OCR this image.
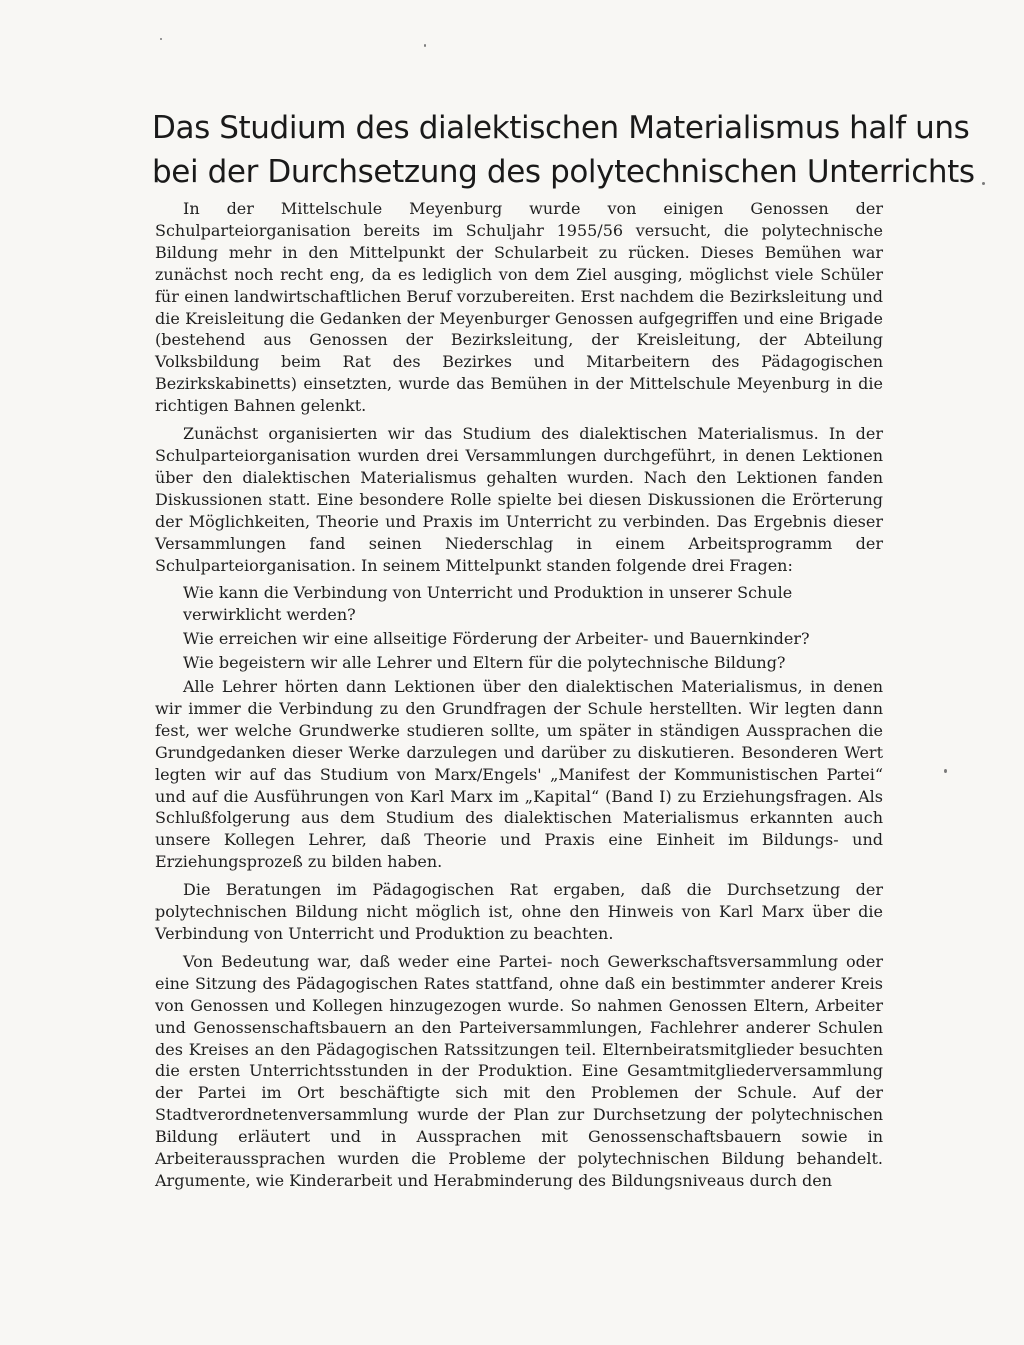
Das Studium des dialektischen Materialismus half uns
bei der Durchsetzung des polytechnischen Unterrichts

In der Mittelschule Meyenburg wurde von einigen Genossen der Schulparteiorganisation bereits im Schuljahr 1955/56 versucht, die polytechnische Bildung mehr in den Mittelpunkt der Schularbeit zu rücken. Dieses Bemühen war zunächst noch recht eng, da es lediglich von dem Ziel ausging, möglichst viele Schüler für einen landwirtschaftlichen Beruf vorzubereiten. Erst nachdem die Bezirksleitung und die Kreisleitung die Gedanken der Meyenburger Genossen aufgegriffen und eine Brigade (bestehend aus Genossen der Bezirksleitung, der Kreisleitung, der Abteilung Volksbildung beim Rat des Bezirkes und Mitarbeitern des Pädagogischen Bezirkskabinetts) einsetzten, wurde das Bemühen in der Mittelschule Meyenburg in die richtigen Bahnen gelenkt.

Zunächst organisierten wir das Studium des dialektischen Materialismus. In der Schulparteiorganisation wurden drei Versammlungen durchgeführt, in denen Lektionen über den dialektischen Materialismus gehalten wurden. Nach den Lektionen fanden Diskussionen statt. Eine besondere Rolle spielte bei diesen Diskussionen die Erörterung der Möglichkeiten, Theorie und Praxis im Unterricht zu verbinden. Das Ergebnis dieser Versammlungen fand seinen Niederschlag in einem Arbeitsprogramm der Schulparteiorganisation. In seinem Mittelpunkt standen folgende drei Fragen:

Wie kann die Verbindung von Unterricht und Produktion in unserer Schule verwirklicht werden?

Wie erreichen wir eine allseitige Förderung der Arbeiter- und Bauernkinder?

Wie begeistern wir alle Lehrer und Eltern für die polytechnische Bildung?

Alle Lehrer hörten dann Lektionen über den dialektischen Materialismus, in denen wir immer die Verbindung zu den Grundfragen der Schule herstellten. Wir legten dann fest, wer welche Grundwerke studieren sollte, um später in ständigen Aussprachen die Grundgedanken dieser Werke darzulegen und darüber zu diskutieren. Besonderen Wert legten wir auf das Studium von Marx/Engels' „Manifest der Kommunistischen Partei“ und auf die Ausführungen von Karl Marx im „Kapital“ (Band I) zu Erziehungsfragen. Als Schlußfolgerung aus dem Studium des dialektischen Materialismus erkannten auch unsere Kollegen Lehrer, daß Theorie und Praxis eine Einheit im Bildungs- und Erziehungsprozeß zu bilden haben.

Die Beratungen im Pädagogischen Rat ergaben, daß die Durchsetzung der polytechnischen Bildung nicht möglich ist, ohne den Hinweis von Karl Marx über die Verbindung von Unterricht und Produktion zu beachten.

Von Bedeutung war, daß weder eine Partei- noch Gewerkschaftsversammlung oder eine Sitzung des Pädagogischen Rates stattfand, ohne daß ein bestimmter anderer Kreis von Genossen und Kollegen hinzugezogen wurde. So nahmen Genossen Eltern, Arbeiter und Genossenschaftsbauern an den Parteiversammlungen, Fachlehrer anderer Schulen des Kreises an den Pädagogischen Ratssitzungen teil. Elternbeiratsmitglieder besuchten die ersten Unterrichtsstunden in der Produktion. Eine Gesamtmitgliederversammlung der Partei im Ort beschäftigte sich mit den Problemen der Schule. Auf der Stadtverordnetenversammlung wurde der Plan zur Durchsetzung der polytechnischen Bildung erläutert und in Aussprachen mit Genossenschaftsbauern sowie in Arbeiteraussprachen wurden die Probleme der polytechnischen Bildung behandelt. Argumente, wie Kinderarbeit und Herabminderung des Bildungsniveaus durch den
